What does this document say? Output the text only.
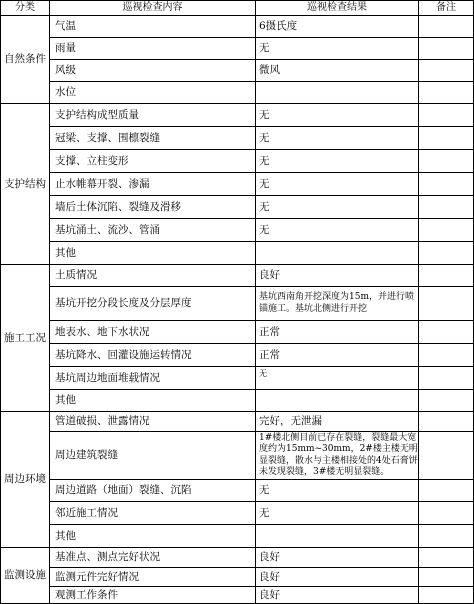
分类	巡视检查内容	巡视检查结果	备注
自然条件	气温	6摄氏度	
	雨量	无	
	风级	微风	
	水位		
支护结构	支护结构成型质量	无	
	冠梁、支撑、围檩裂缝	无	
	支撑、立柱变形	无	
	止水帷幕开裂、渗漏	无	
	墙后土体沉陷、裂缝及滑移	无	
	基坑涌土、流沙、管涌	无	
	其他		
施工工况	土质情况	良好	
	基坑开挖分段长度及分层厚度	基坑西南角开挖深度为15m，并进行喷锚施工。基坑北侧进行开挖	
	地表水、地下水状况	正常	
	基坑降水、回灌设施运转情况	正常	
	基坑周边地面堆载情况	无	
	其他		
周边环境	管道破损、泄露情况	完好，无泄漏	
	周边建筑裂缝	1#楼北侧目前已存在裂缝，裂缝最大宽度约为15mm~30mm，2#楼主楼无明显裂缝，散水与主楼相接处的4处石膏饼未发现裂缝，3#楼无明显裂缝。	
	周边道路（地面）裂缝、沉陷	无	
	邻近施工情况	无	
	其他		
监测设施	基准点、测点完好状况	良好	
	监测元件完好情况	良好	
	观测工作条件	良好	
